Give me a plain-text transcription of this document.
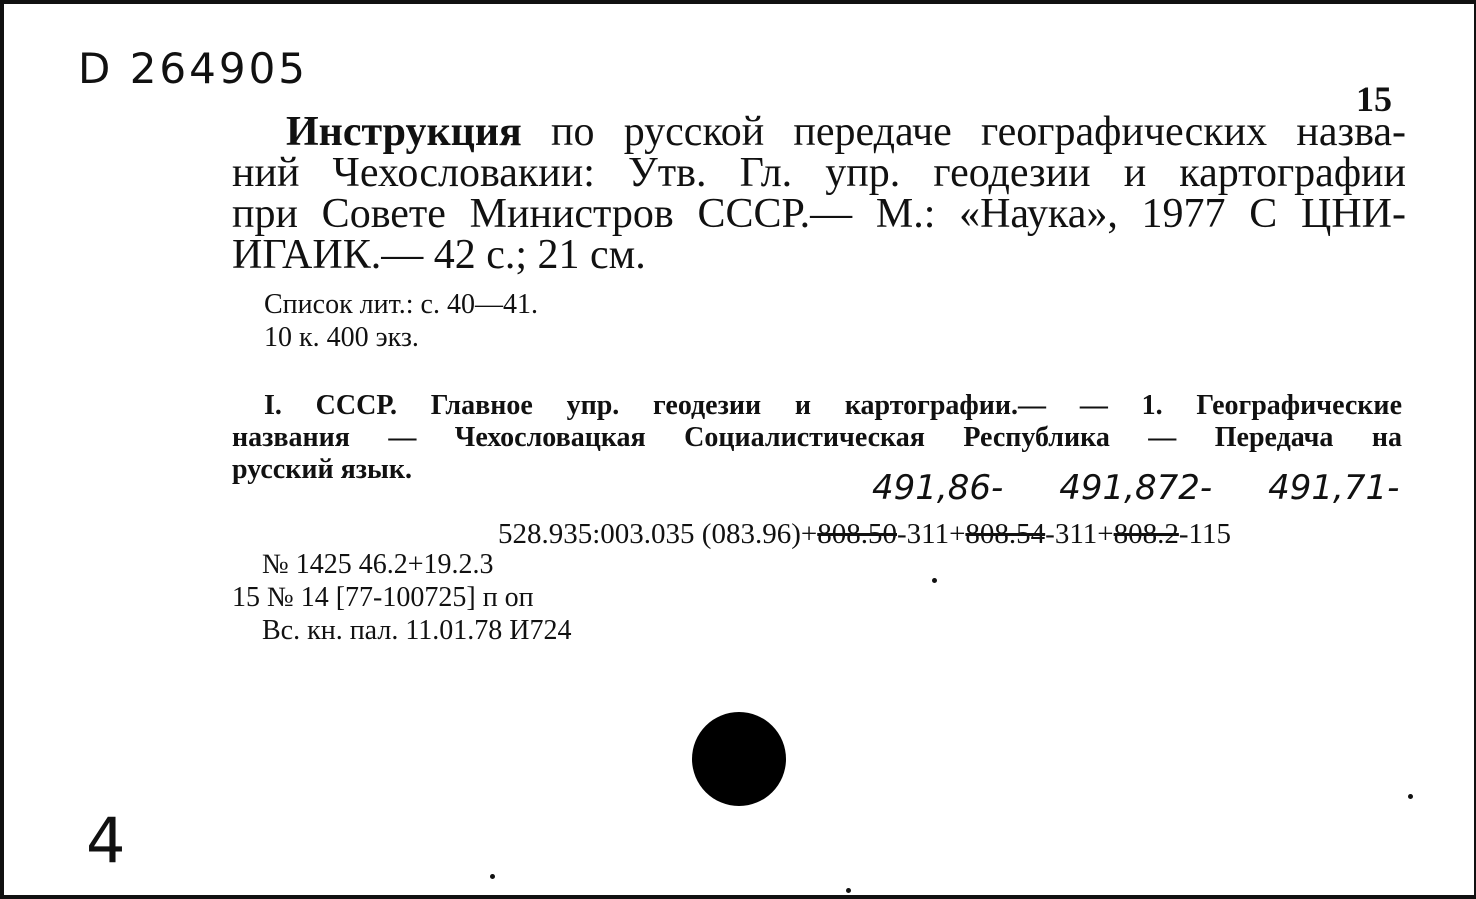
D 264905
15
Инструкция по русской передаче географических назва-
ний Чехословакии: Утв. Гл. упр. геодезии и картографии
при Совете Министров СССР.— М.: «Наука», 1977 С ЦНИ-
ИГАИК.— 42 с.; 21 см.
Список лит.: с. 40—41.
10 к. 400 экз.
I. СССР. Главное упр. геодезии и картографии.— — 1. Географические
названия — Чехословацкая Социалистическая Республика — Передача на
русский язык.	491,86- 491,872- 491,71-
528.935:003.035 (083.96)+808.50-311+808.54-311+808.2-115
№ 1425 46.2+19.2.3
15 № 14 [77-100725] п оп
Вс. кн. пал. 11.01.78 И724
4
